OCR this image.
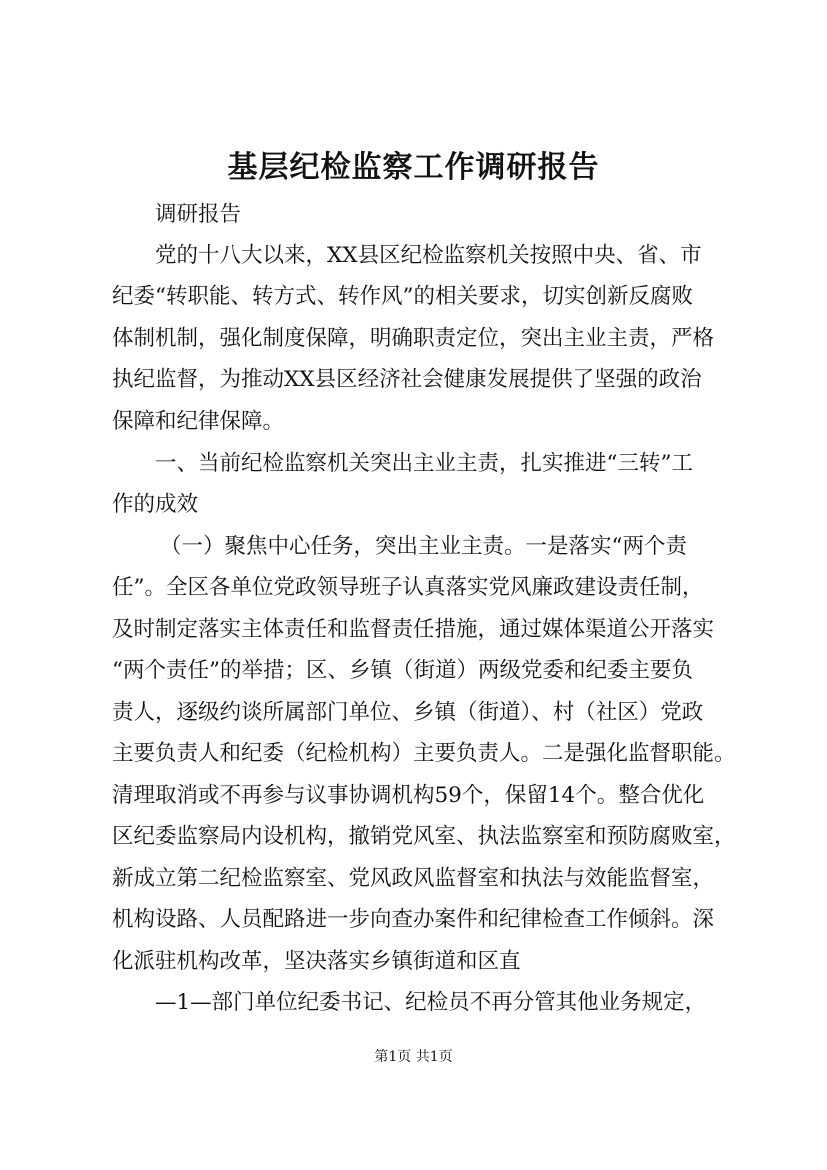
基层纪检监察工作调研报告
调研报告
党的十八大以来，XX县区纪检监察机关按照中央、省、市
纪委“转职能、转方式、转作风”的相关要求，切实创新反腐败
体制机制，强化制度保障，明确职责定位，突出主业主责，严格
执纪监督，为推动XX县区经济社会健康发展提供了坚强的政治
保障和纪律保障。
一、当前纪检监察机关突出主业主责，扎实推进“三转”工
作的成效
（一）聚焦中心任务，突出主业主责。一是落实“两个责
任”。全区各单位党政领导班子认真落实党风廉政建设责任制，
及时制定落实主体责任和监督责任措施，通过媒体渠道公开落实
“两个责任”的举措；区、乡镇（街道）两级党委和纪委主要负
责人，逐级约谈所属部门单位、乡镇（街道）、村（社区）党政
主要负责人和纪委（纪检机构）主要负责人。二是强化监督职能。
清理取消或不再参与议事协调机构59个，保留14个。整合优化
区纪委监察局内设机构，撤销党风室、执法监察室和预防腐败室，
新成立第二纪检监察室、党风政风监督室和执法与效能监督室，
机构设路、人员配路进一步向查办案件和纪律检查工作倾斜。深
化派驻机构改革，坚决落实乡镇街道和区直
—1—部门单位纪委书记、纪检员不再分管其他业务规定，
第1页 共1页
